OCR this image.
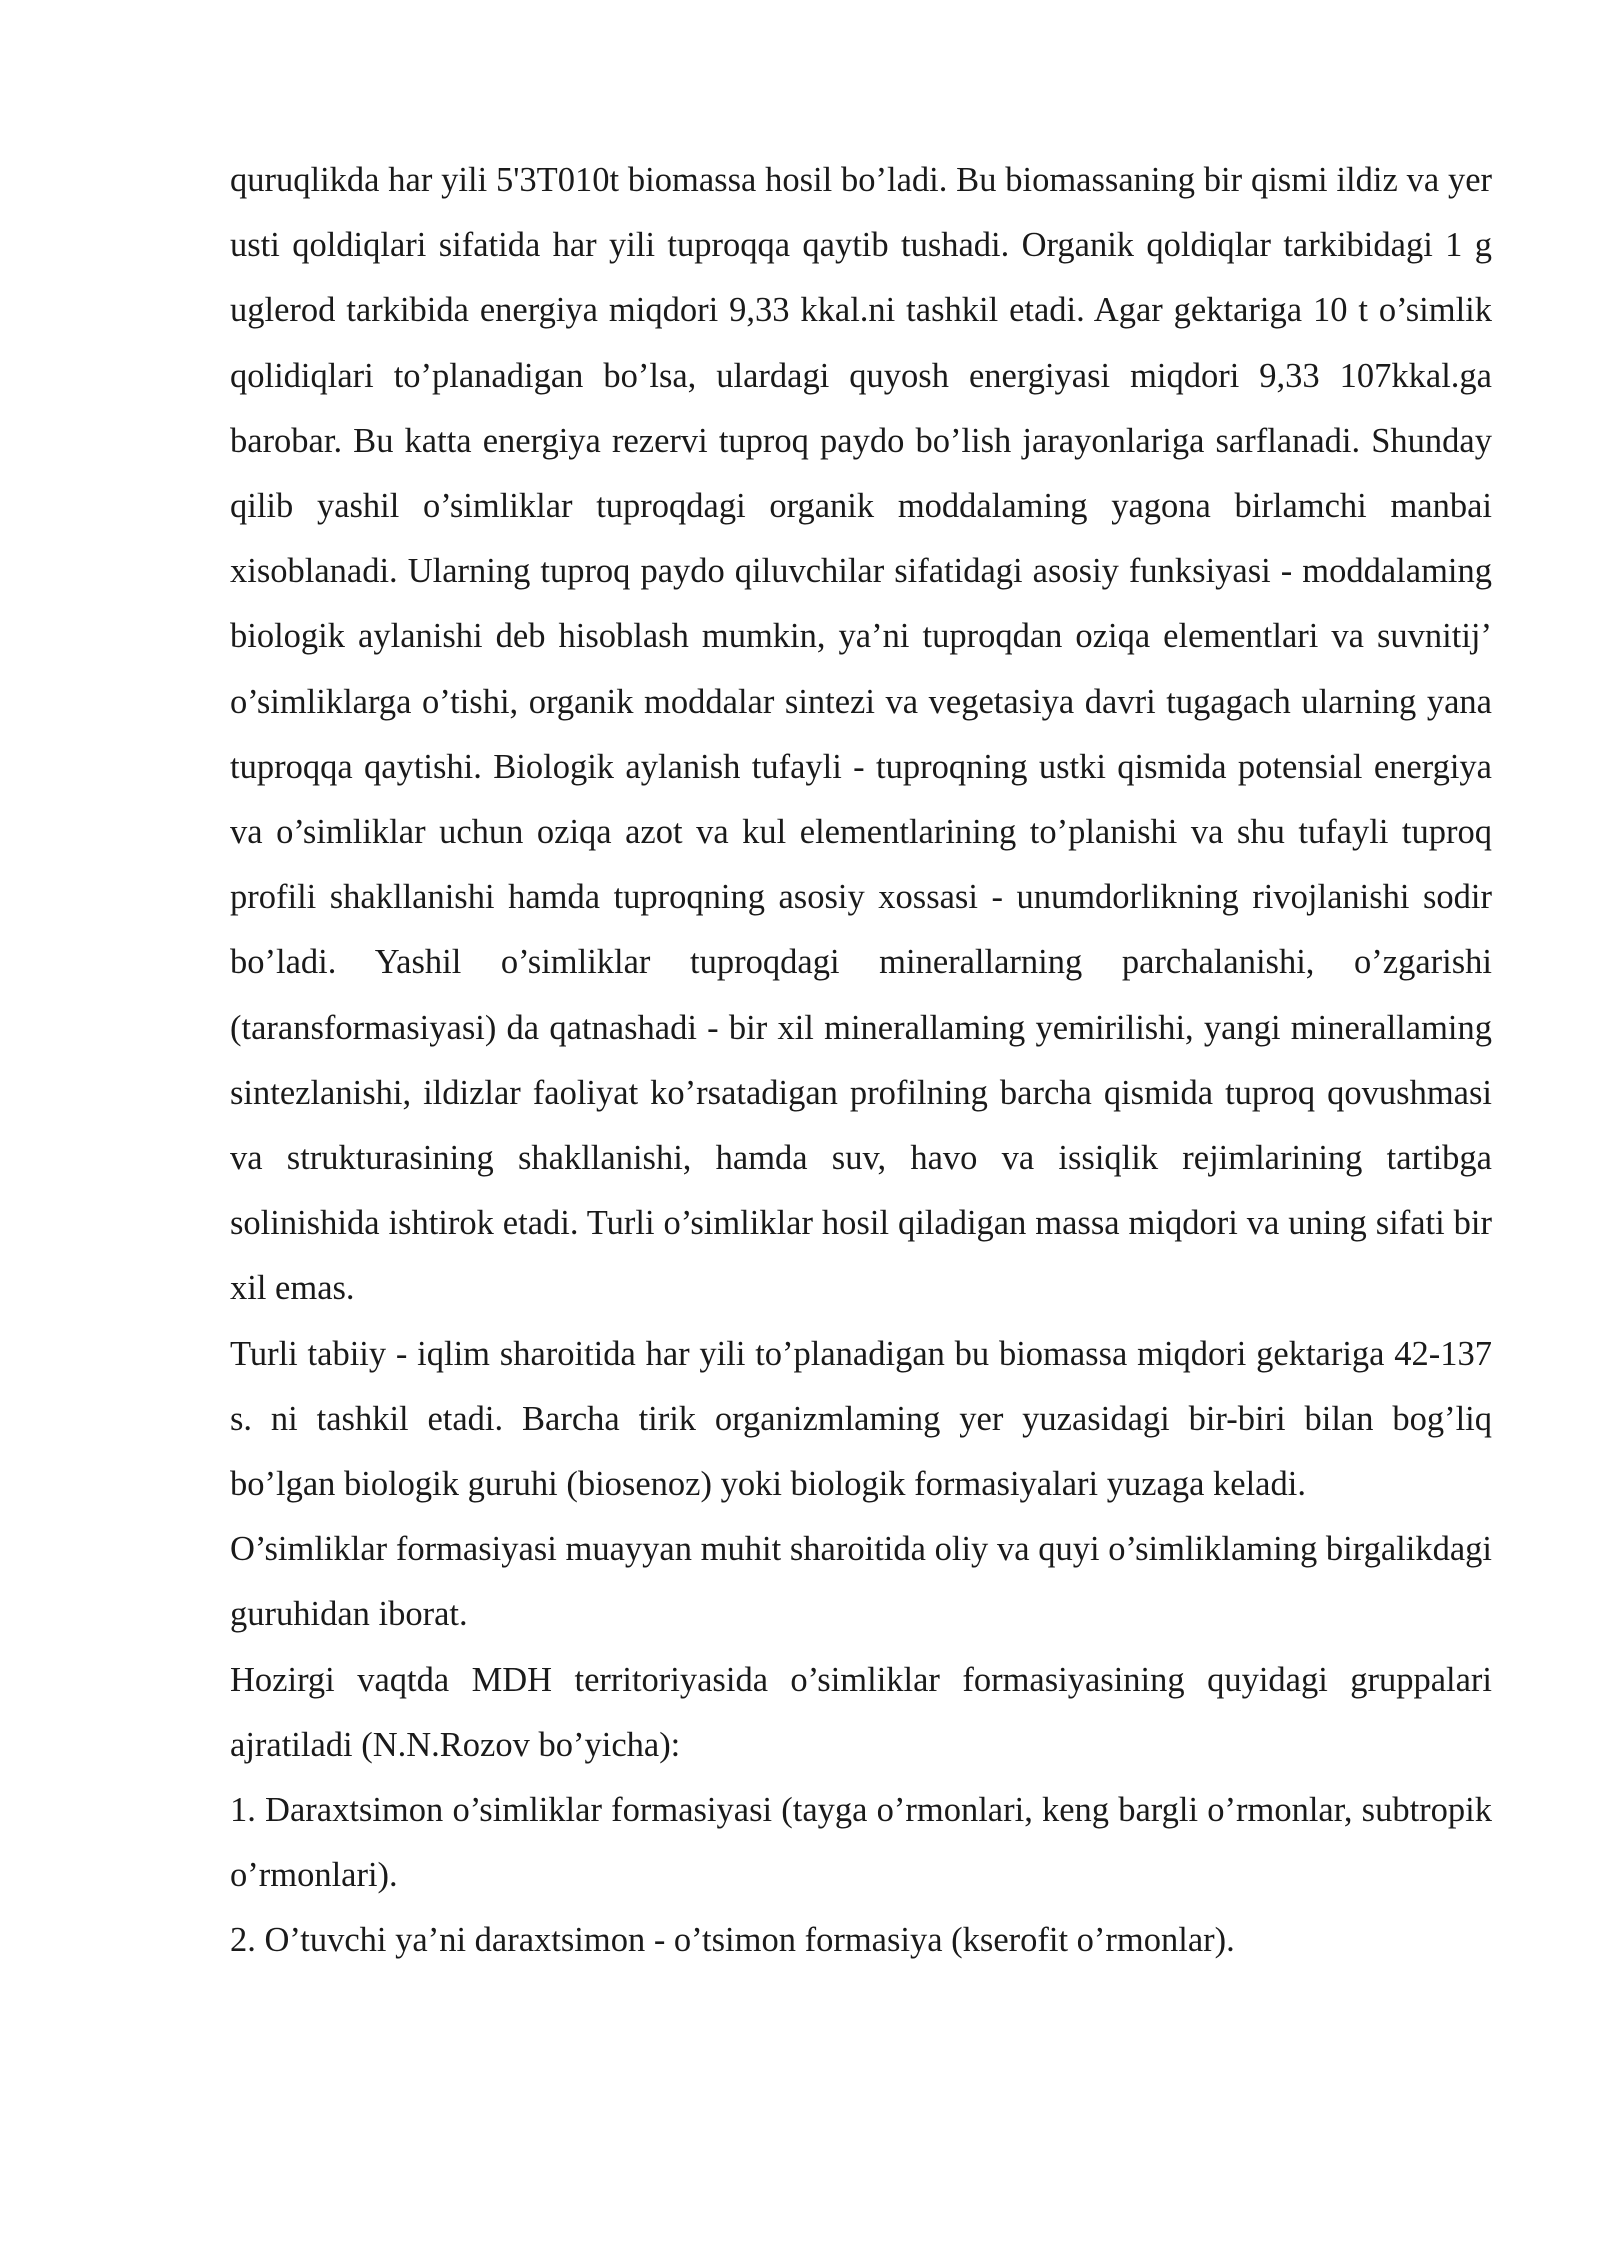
quruqlikda har yili 5'3T010t biomassa hosil bo’ladi. Bu biomassaning bir qismi ildiz va yer usti qoldiqlari sifatida har yili tuproqqa qaytib tushadi. Organik qoldiqlar tarkibidagi 1 g uglerod tarkibida energiya miqdori 9,33 kkal.ni tashkil etadi. Agar gektariga 10 t o’simlik qolidiqlari to’planadigan bo’lsa, ulardagi quyosh energiyasi miqdori 9,33 107kkal.ga barobar. Bu katta energiya rezervi tuproq paydo bo’lish jarayonlariga sarflanadi. Shunday qilib yashil o’simliklar tuproqdagi organik moddalaming yagona birlamchi manbai xisoblanadi. Ularning tuproq paydo qiluvchilar sifatidagi asosiy funksiyasi - moddalaming biologik aylanishi deb hisoblash mumkin, ya’ni tuproqdan oziqa elementlari va suvnitij’ o’simliklarga o’tishi, organik moddalar sintezi va vegetasiya davri tugagach ularning yana tuproqqa qaytishi. Biologik aylanish tufayli - tuproqning ustki qismida potensial energiya va o’simliklar uchun oziqa azot va kul elementlarining to’planishi va shu tufayli tuproq profili shakllanishi hamda tuproqning asosiy xossasi - unumdorlikning rivojlanishi sodir bo’ladi. Yashil o’simliklar tuproqdagi minerallarning parchalanishi, o’zgarishi (taransformasiyasi) da qatnashadi - bir xil minerallaming yemirilishi, yangi minerallaming sintezlanishi, ildizlar faoliyat ko’rsatadigan profilning barcha qismida tuproq qovushmasi va strukturasining shakllanishi, hamda suv, havo va issiqlik rejimlarining tartibga solinishida ishtirok etadi. Turli o’simliklar hosil qiladigan massa miqdori va uning sifati bir xil emas.

Turli tabiiy - iqlim sharoitida har yili to’planadigan bu biomassa miqdori gektariga 42-137 s. ni tashkil etadi. Barcha tirik organizmlaming yer yuzasidagi bir-biri bilan bog’liq bo’lgan biologik guruhi (biosenoz) yoki biologik formasiyalari yuzaga keladi.

O’simliklar formasiyasi muayyan muhit sharoitida oliy va quyi o’simliklaming birgalikdagi guruhidan iborat.

Hozirgi vaqtda MDH territoriyasida o’simliklar formasiyasining quyidagi gruppalari ajratiladi (N.N.Rozov bo’yicha):

1. Daraxtsimon o’simliklar formasiyasi (tayga o’rmonlari, keng bargli o’rmonlar, subtropik o’rmonlari).

2. O’tuvchi ya’ni daraxtsimon - o’tsimon formasiya (kserofit o’rmonlar).
